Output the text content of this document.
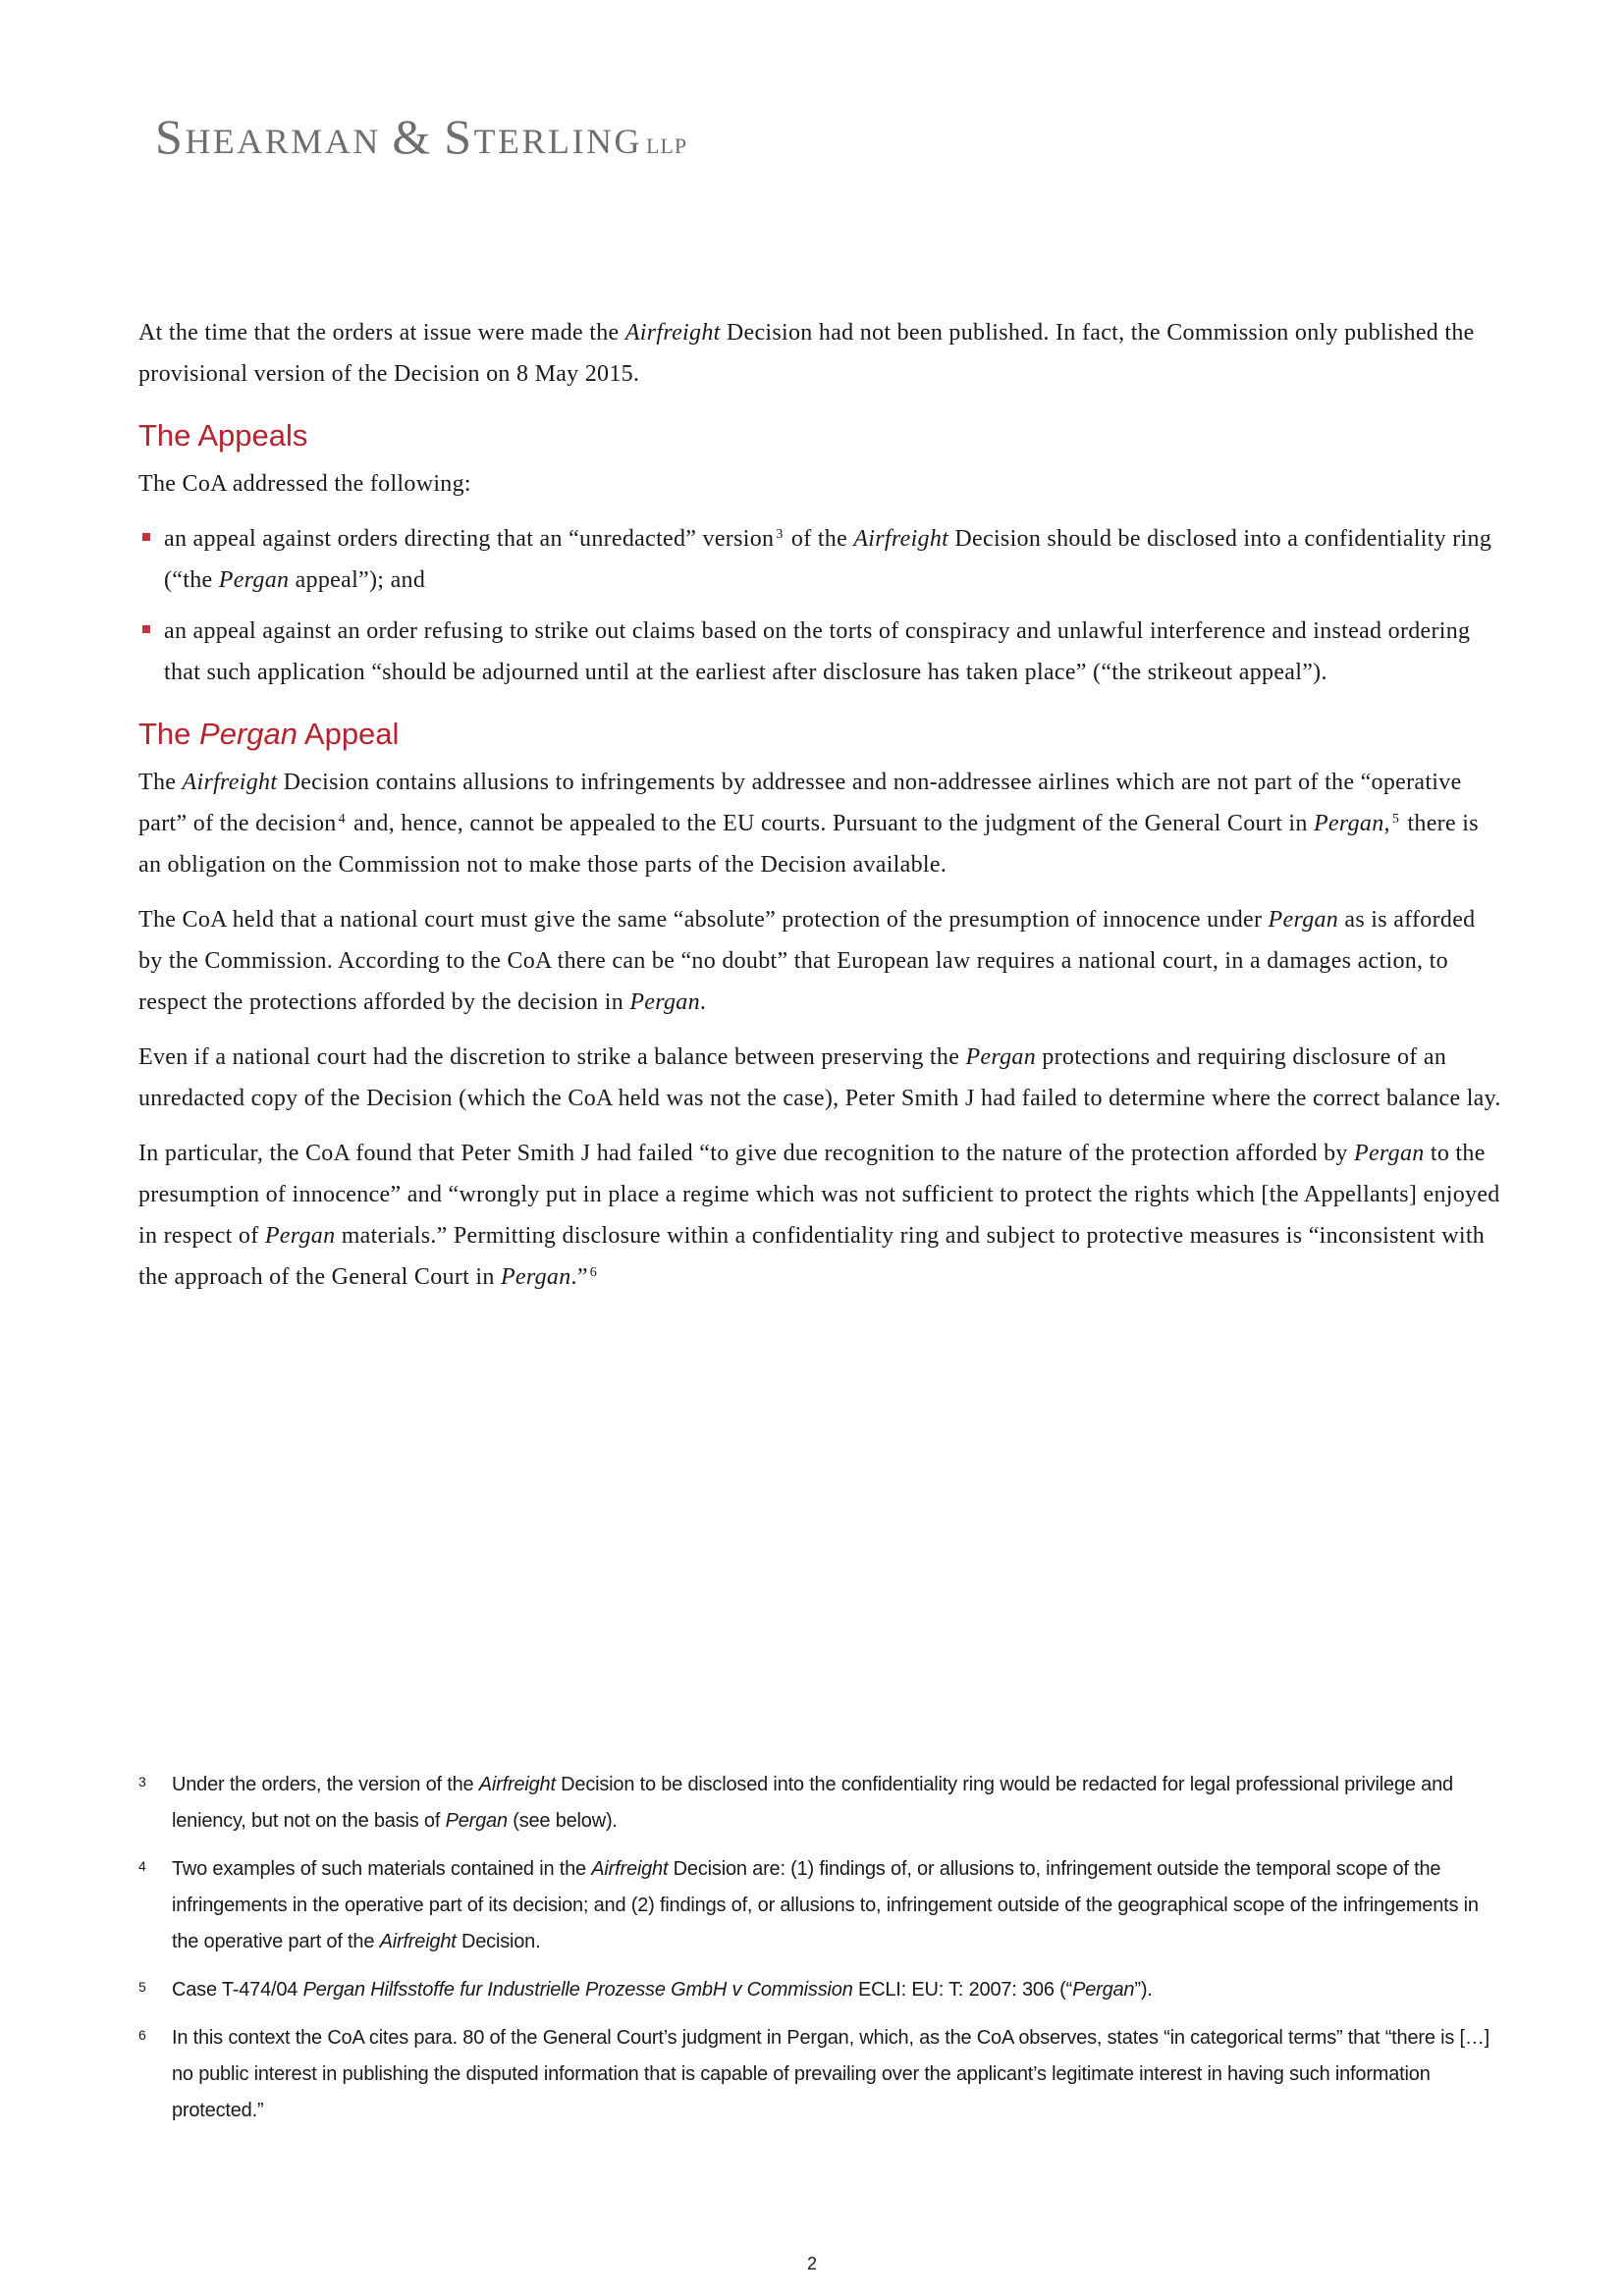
SHEARMAN & STERLING LLP

At the time that the orders at issue were made the Airfreight Decision had not been published. In fact, the Commission only published the provisional version of the Decision on 8 May 2015.

The Appeals

The CoA addressed the following:

an appeal against orders directing that an “unredacted” version $^3$ of the Airfreight Decision should be disclosed into a confidentiality ring (“the Pergan appeal”); and
an appeal against an order refusing to strike out claims based on the torts of conspiracy and unlawful interference and instead ordering that such application “should be adjourned until at the earliest after disclosure has taken place” (“the strikeout appeal”).
The Pergan Appeal

The Airfreight Decision contains allusions to infringements by addressee and non-addressee airlines which are not part of the “operative part” of the decision $^4$ and, hence, cannot be appealed to the EU courts. Pursuant to the judgment of the General Court in Pergan, $^5$ there is an obligation on the Commission not to make those parts of the Decision available.

The CoA held that a national court must give the same “absolute” protection of the presumption of innocence under Pergan as is afforded by the Commission. According to the CoA there can be “no doubt” that European law requires a national court, in a damages action, to respect the protections afforded by the decision in Pergan.

Even if a national court had the discretion to strike a balance between preserving the Pergan protections and requiring disclosure of an unredacted copy of the Decision (which the CoA held was not the case), Peter Smith J had failed to determine where the correct balance lay.

In particular, the CoA found that Peter Smith J had failed “to give due recognition to the nature of the protection afforded by Pergan to the presumption of innocence” and “wrongly put in place a regime which was not sufficient to protect the rights which [the Appellants] enjoyed in respect of Pergan materials.” Permitting disclosure within a confidentiality ring and subject to protective measures is “inconsistent with the approach of the General Court in Pergan.” $^6$

3 Under the orders, the version of the Airfreight Decision to be disclosed into the confidentiality ring would be redacted for legal professional privilege and leniency, but not on the basis of Pergan (see below).
4 Two examples of such materials contained in the Airfreight Decision are: (1) findings of, or allusions to, infringement outside the temporal scope of the infringements in the operative part of its decision; and (2) findings of, or allusions to, infringement outside of the geographical scope of the infringements in the operative part of the Airfreight Decision.
5 Case T-474/04 Pergan Hilfsstoffe fur Industrielle Prozesse GmbH v Commission ECLI: EU: T: 2007: 306 (“Pergan”).
6 In this context the CoA cites para. 80 of the General Court’s judgment in Pergan, which, as the CoA observes, states “in categorical terms” that “there is […] no public interest in publishing the disputed information that is capable of prevailing over the applicant’s legitimate interest in having such information protected.”
2
